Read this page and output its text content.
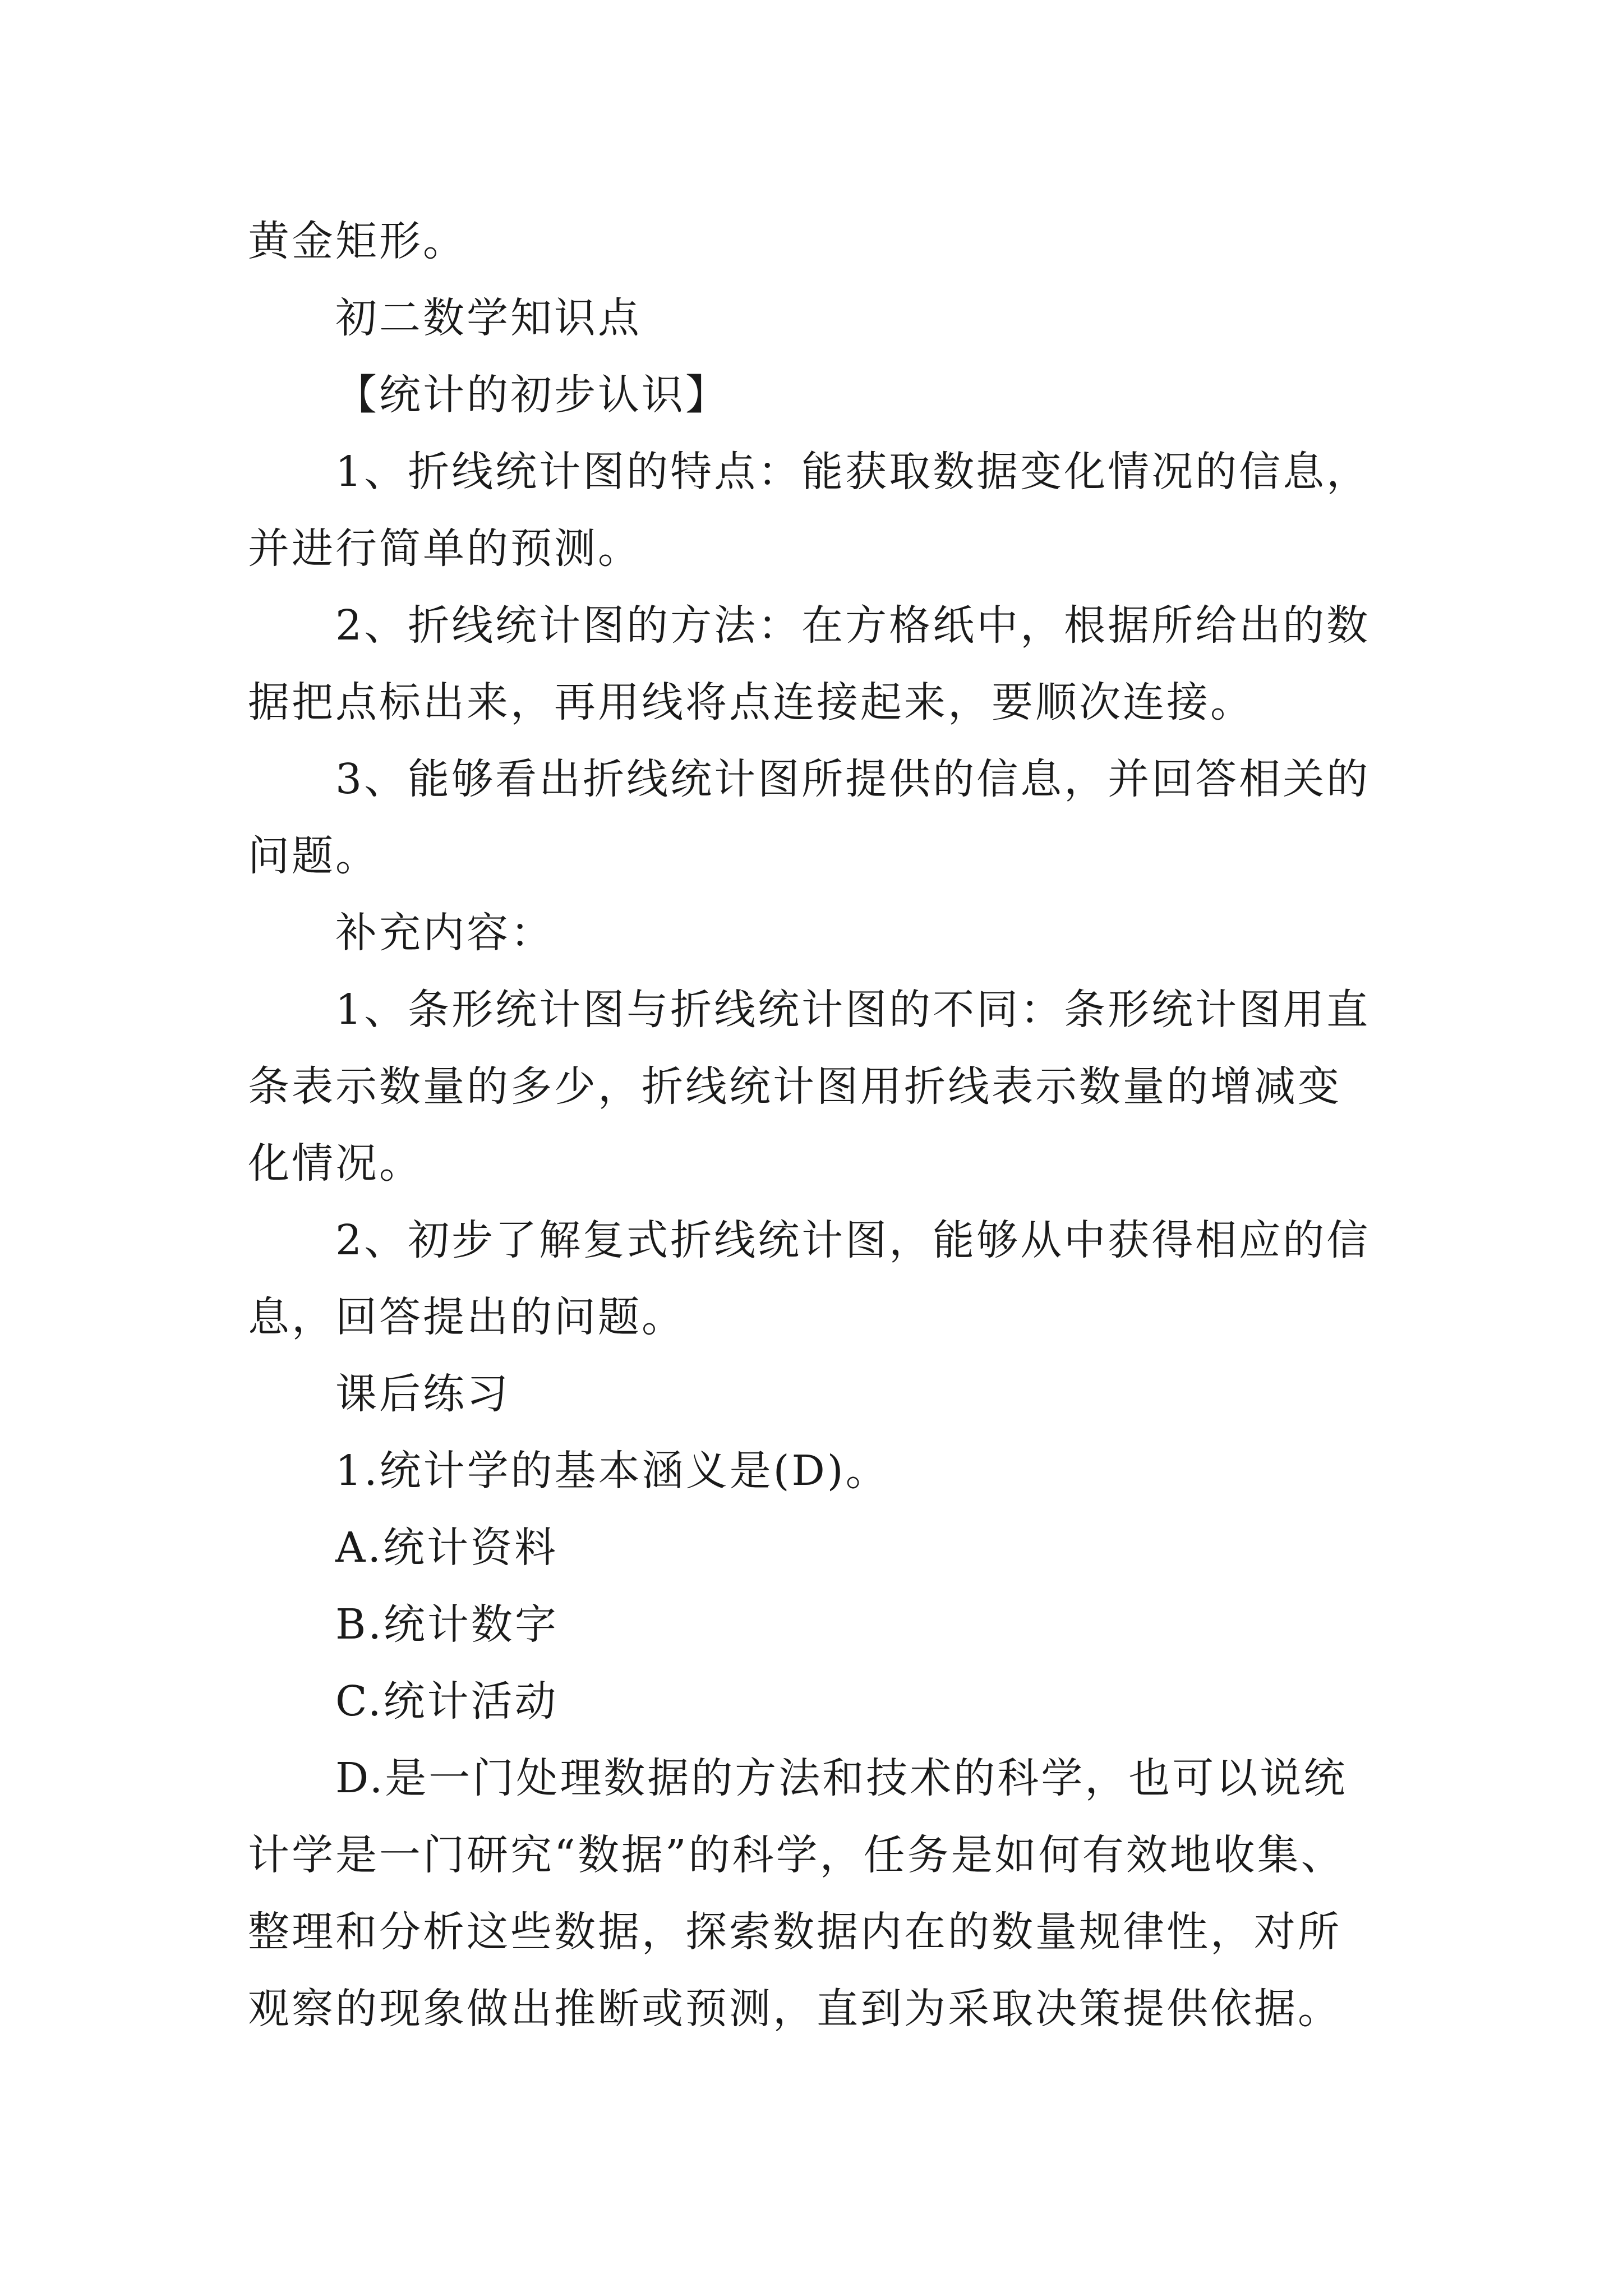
黄金矩形。

初二数学知识点

【统计的初步认识】

1、折线统计图的特点：能获取数据变化情况的信息，并进行简单的预测。

2、折线统计图的方法：在方格纸中，根据所给出的数据把点标出来，再用线将点连接起来，要顺次连接。

3、能够看出折线统计图所提供的信息，并回答相关的问题。

补充内容：

1、条形统计图与折线统计图的不同：条形统计图用直条表示数量的多少，折线统计图用折线表示数量的增减变化情况。

2、初步了解复式折线统计图，能够从中获得相应的信息，回答提出的问题。

课后练习

1.统计学的基本涵义是(D)。

A.统计资料

B.统计数字

C.统计活动

D.是一门处理数据的方法和技术的科学，也可以说统计学是一门研究“数据”的科学，任务是如何有效地收集、整理和分析这些数据，探索数据内在的数量规律性，对所观察的现象做出推断或预测，直到为采取决策提供依据。
